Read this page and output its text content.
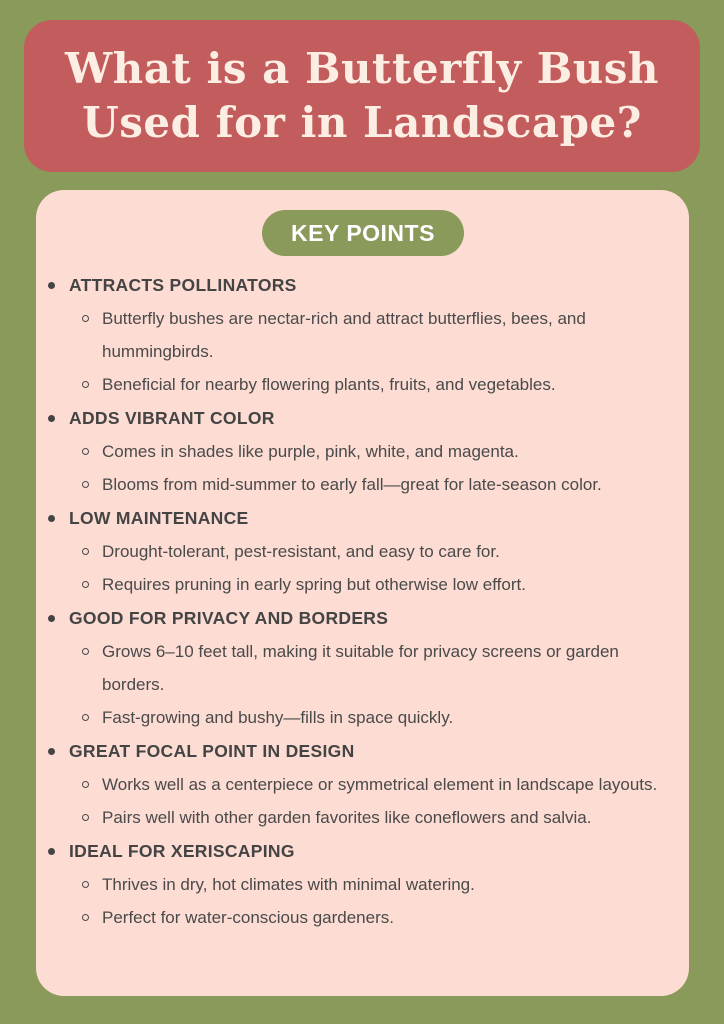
What is a Butterfly Bush
Used for in Landscape?
KEY POINTS
ATTRACTS POLLINATORS
Butterfly bushes are nectar-rich and attract butterflies, bees, and hummingbirds.
Beneficial for nearby flowering plants, fruits, and vegetables.
ADDS VIBRANT COLOR
Comes in shades like purple, pink, white, and magenta.
Blooms from mid-summer to early fall—great for late-season color.
LOW MAINTENANCE
Drought-tolerant, pest-resistant, and easy to care for.
Requires pruning in early spring but otherwise low effort.
GOOD FOR PRIVACY AND BORDERS
Grows 6–10 feet tall, making it suitable for privacy screens or garden borders.
Fast-growing and bushy—fills in space quickly.
GREAT FOCAL POINT IN DESIGN
Works well as a centerpiece or symmetrical element in landscape layouts.
Pairs well with other garden favorites like coneflowers and salvia.
IDEAL FOR XERISCAPING
Thrives in dry, hot climates with minimal watering.
Perfect for water-conscious gardeners.
